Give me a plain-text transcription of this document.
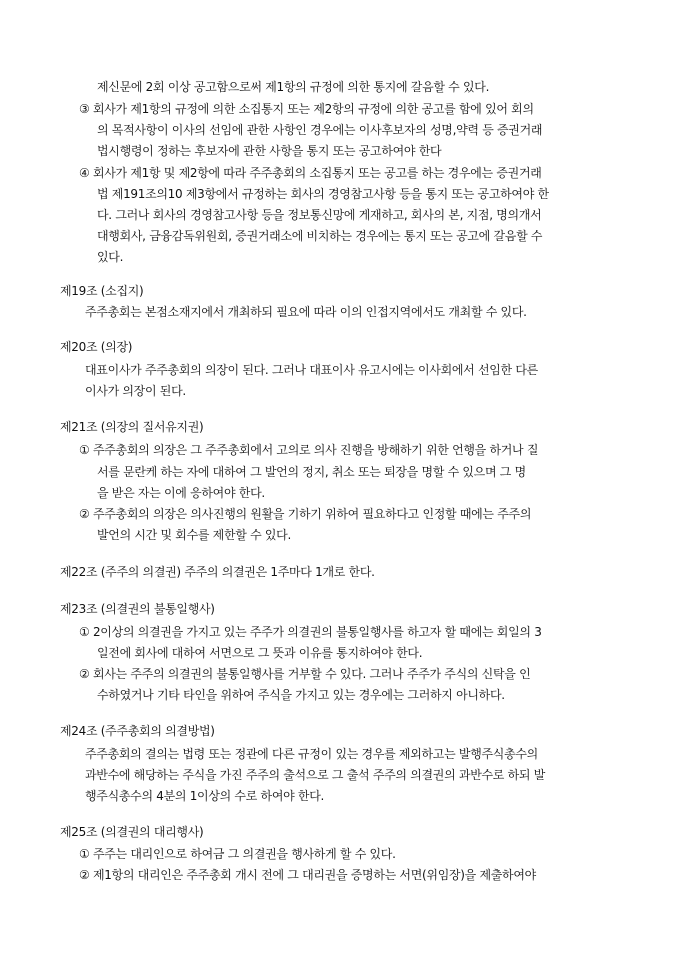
제신문에 2회 이상 공고함으로써 제1항의 규정에 의한 통지에 갈음할 수 있다.
③ 회사가 제1항의 규정에 의한 소집통지 또는 제2항의 규정에 의한 공고를 함에 있어 회의
의 목적사항이 이사의 선임에 관한 사항인 경우에는 이사후보자의 성명,약력 등 증권거래
법시행령이 정하는 후보자에 관한 사항을 통지 또는 공고하여야 한다
④ 회사가 제1항 및 제2항에 따라 주주총회의 소집통지 또는 공고를 하는 경우에는 증권거래
법 제191조의10 제3항에서 규정하는 회사의 경영참고사항 등을 통지 또는 공고하여야 한
다. 그러나 회사의 경영참고사항 등을 정보통신망에 게재하고, 회사의 본, 지점, 명의개서
대행회사, 금융감독위원회, 증권거래소에 비치하는 경우에는 통지 또는 공고에 갈음할 수
있다.
제19조 (소집지)
주주총회는 본점소재지에서 개최하되 필요에 따라 이의 인접지역에서도 개최할 수 있다.
제20조 (의장)
대표이사가 주주총회의 의장이 된다. 그러나 대표이사 유고시에는 이사회에서 선임한 다른
이사가 의장이 된다.
제21조 (의장의 질서유지권)
① 주주총회의 의장은 그 주주총회에서 고의로 의사 진행을 방해하기 위한 언행을 하거나 질
서를 문란케 하는 자에 대하여 그 발언의 정지, 취소 또는 퇴장을 명할 수 있으며 그 명
을 받은 자는 이에 응하여야 한다.
② 주주총회의 의장은 의사진행의 원활을 기하기 위하여 필요하다고 인정할 때에는 주주의
발언의 시간 및 회수를 제한할 수 있다.
제22조 (주주의 의결권) 주주의 의결권은 1주마다 1개로 한다.
제23조 (의결권의 불통일행사)
① 2이상의 의결권을 가지고 있는 주주가 의결권의 불통일행사를 하고자 할 때에는 회일의 3
일전에 회사에 대하여 서면으로 그 뜻과 이유를 통지하여야 한다.
② 회사는 주주의 의결권의 불통일행사를 거부할 수 있다. 그러나 주주가 주식의 신탁을 인
수하였거나 기타 타인을 위하여 주식을 가지고 있는 경우에는 그러하지 아니하다.
제24조 (주주총회의 의결방법)
주주총회의 결의는 법령 또는 정관에 다른 규정이 있는 경우를 제외하고는 발행주식총수의
과반수에 해당하는 주식을 가진 주주의 출석으로 그 출석 주주의 의결권의 과반수로 하되 발
행주식총수의 4분의 1이상의 수로 하여야 한다.
제25조 (의결권의 대리행사)
① 주주는 대리인으로 하여금 그 의결권을 행사하게 할 수 있다.
② 제1항의 대리인은 주주총회 개시 전에 그 대리권을 증명하는 서면(위임장)을 제출하여야
